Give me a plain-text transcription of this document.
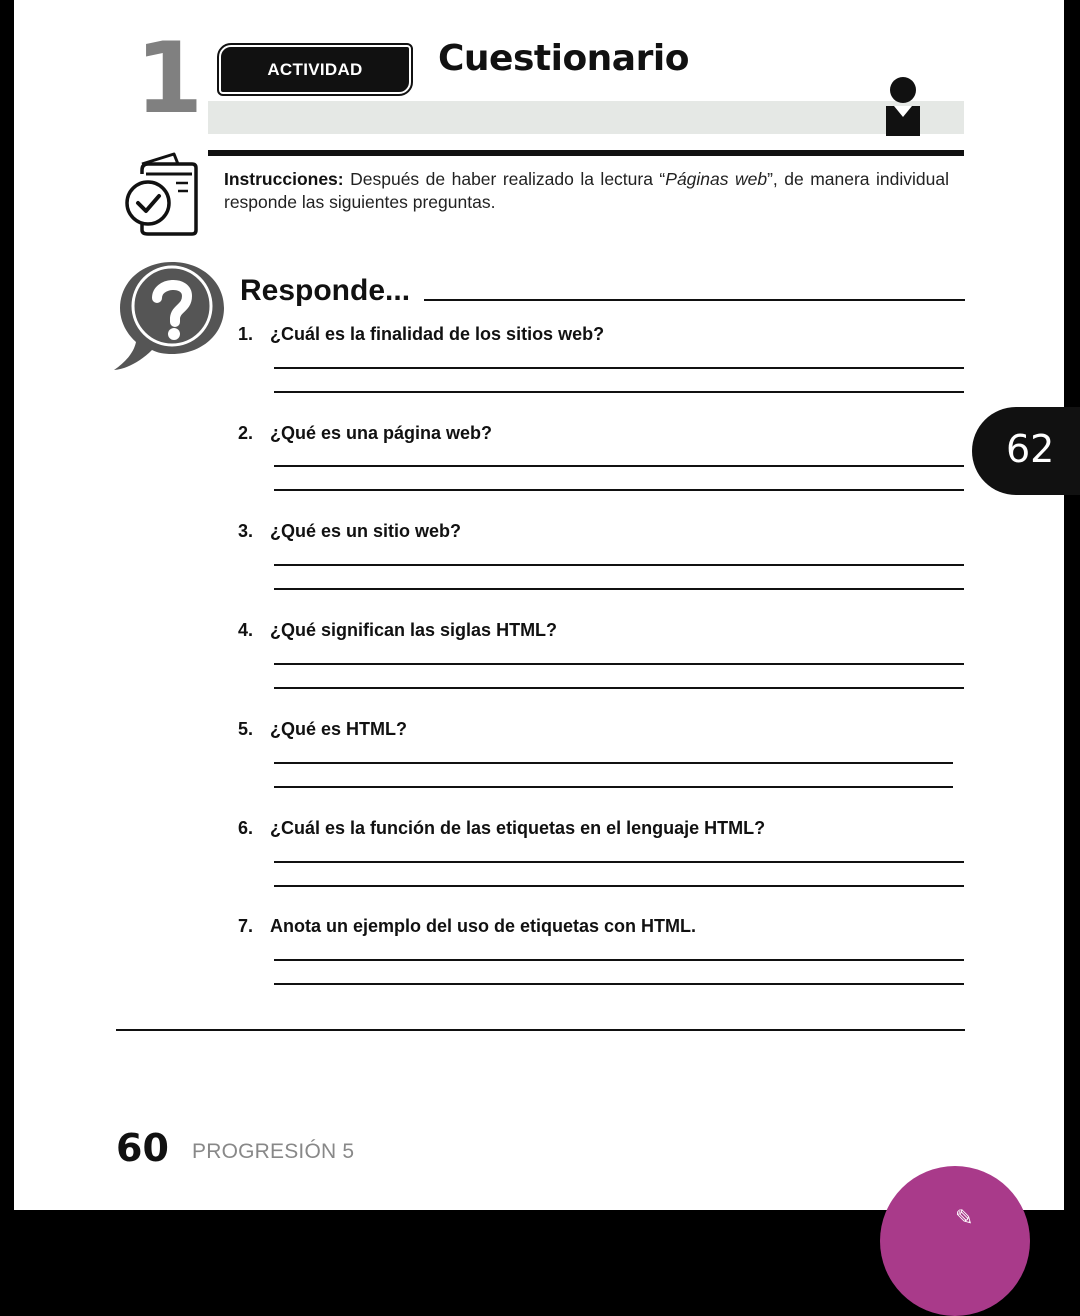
1	ACTIVIDAD	Cuestionario
Instrucciones: Después de haber realizado la lectura “Páginas web”, de manera individual responde las siguientes preguntas.
Responde...
1. ¿Cuál es la finalidad de los sitios web?
2. ¿Qué es una página web?
3. ¿Qué es un sitio web?
4. ¿Qué significan las siglas HTML?
5. ¿Qué es HTML?
6. ¿Cuál es la función de las etiquetas en el lenguaje HTML?
7. Anota un ejemplo del uso de etiquetas con HTML.
60 PROGRESIÓN 5
62
✎
